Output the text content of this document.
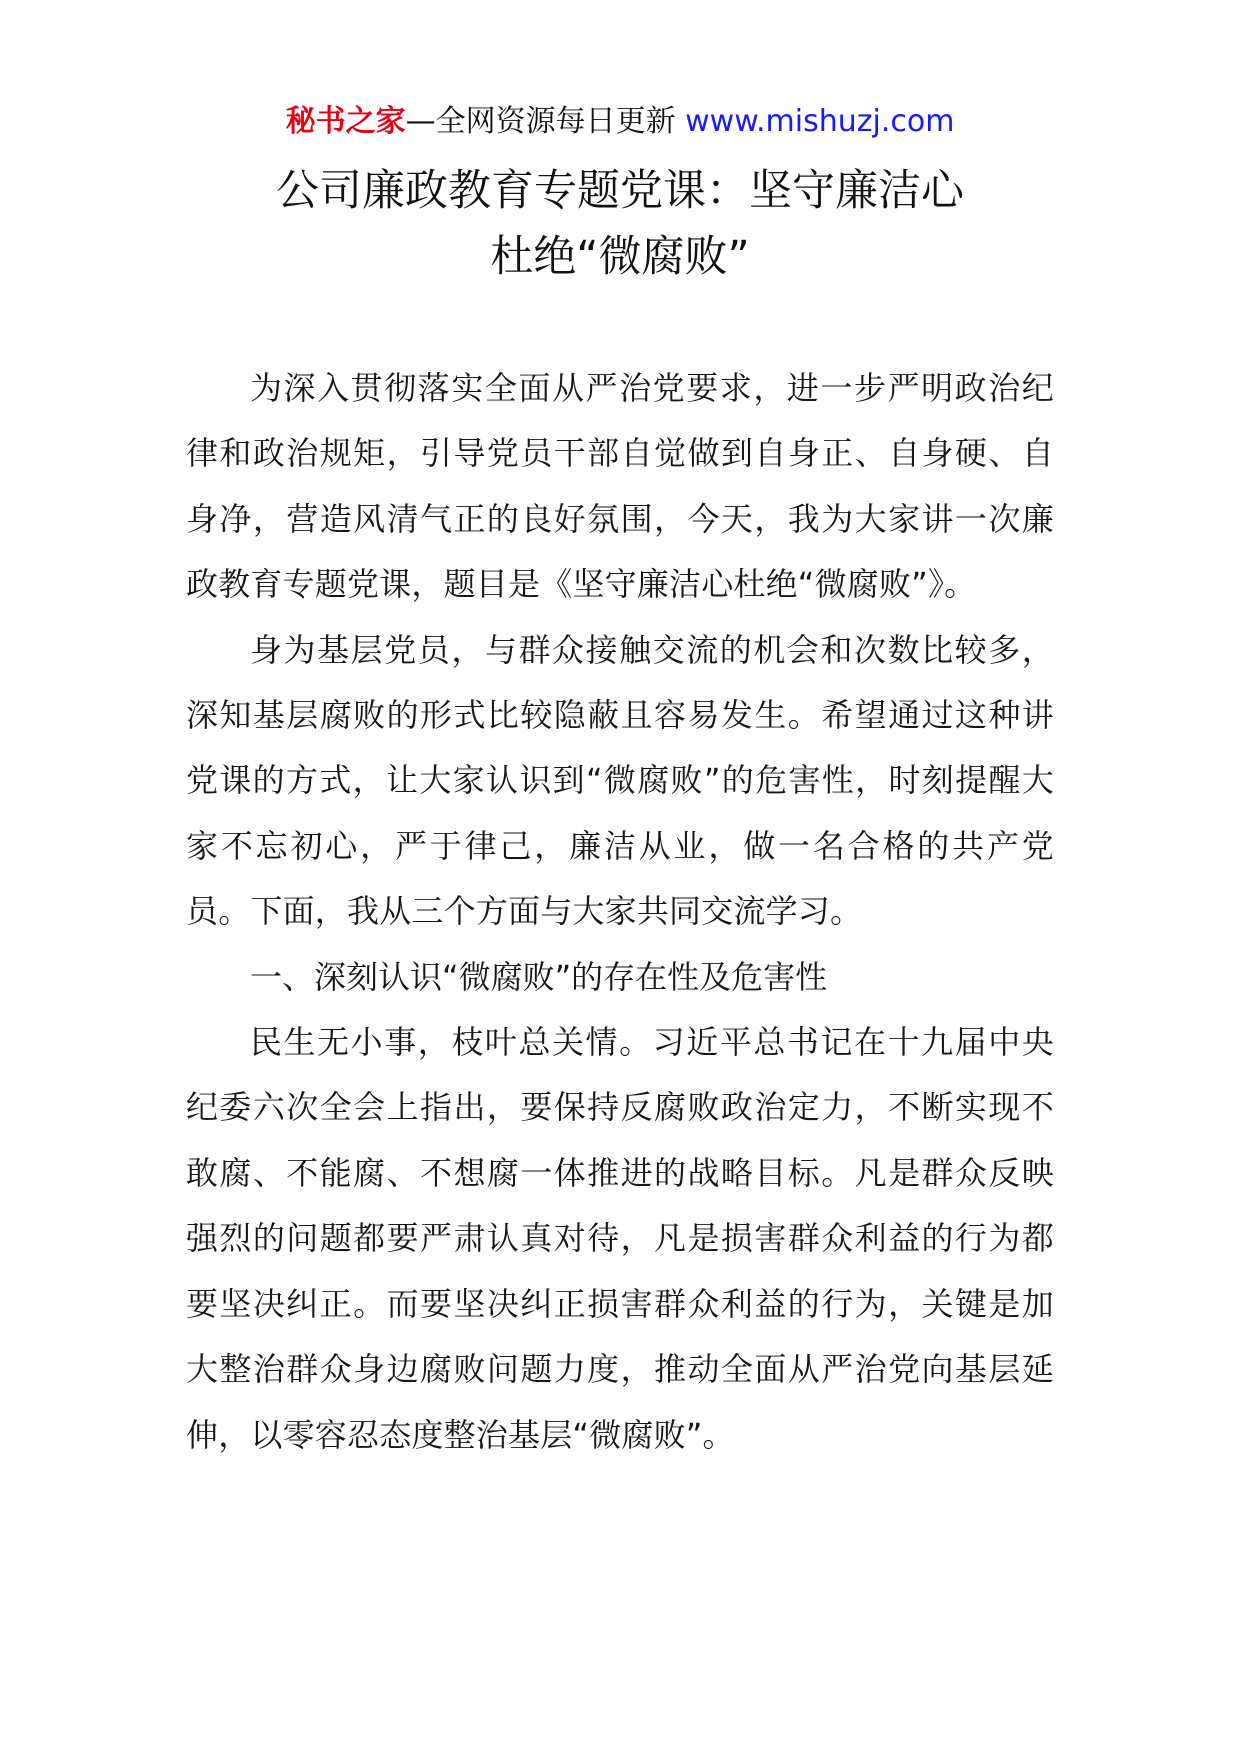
秘书之家—全网资源每日更新 www.mishuzj.com
公司廉政教育专题党课：坚守廉洁心
杜绝“微腐败”

为深入贯彻落实全面从严治党要求，进一步严明政治纪律和政治规矩，引导党员干部自觉做到自身正、自身硬、自身净，营造风清气正的良好氛围，今天，我为大家讲一次廉政教育专题党课，题目是《坚守廉洁心杜绝“微腐败”》。

身为基层党员，与群众接触交流的机会和次数比较多，深知基层腐败的形式比较隐蔽且容易发生。希望通过这种讲党课的方式，让大家认识到“微腐败”的危害性，时刻提醒大家不忘初心，严于律己，廉洁从业，做一名合格的共产党员。下面，我从三个方面与大家共同交流学习。

一、深刻认识“微腐败”的存在性及危害性

民生无小事，枝叶总关情。习近平总书记在十九届中央纪委六次全会上指出，要保持反腐败政治定力，不断实现不敢腐、不能腐、不想腐一体推进的战略目标。凡是群众反映强烈的问题都要严肃认真对待，凡是损害群众利益的行为都要坚决纠正。而要坚决纠正损害群众利益的行为，关键是加大整治群众身边腐败问题力度，推动全面从严治党向基层延伸，以零容忍态度整治基层“微腐败”。
